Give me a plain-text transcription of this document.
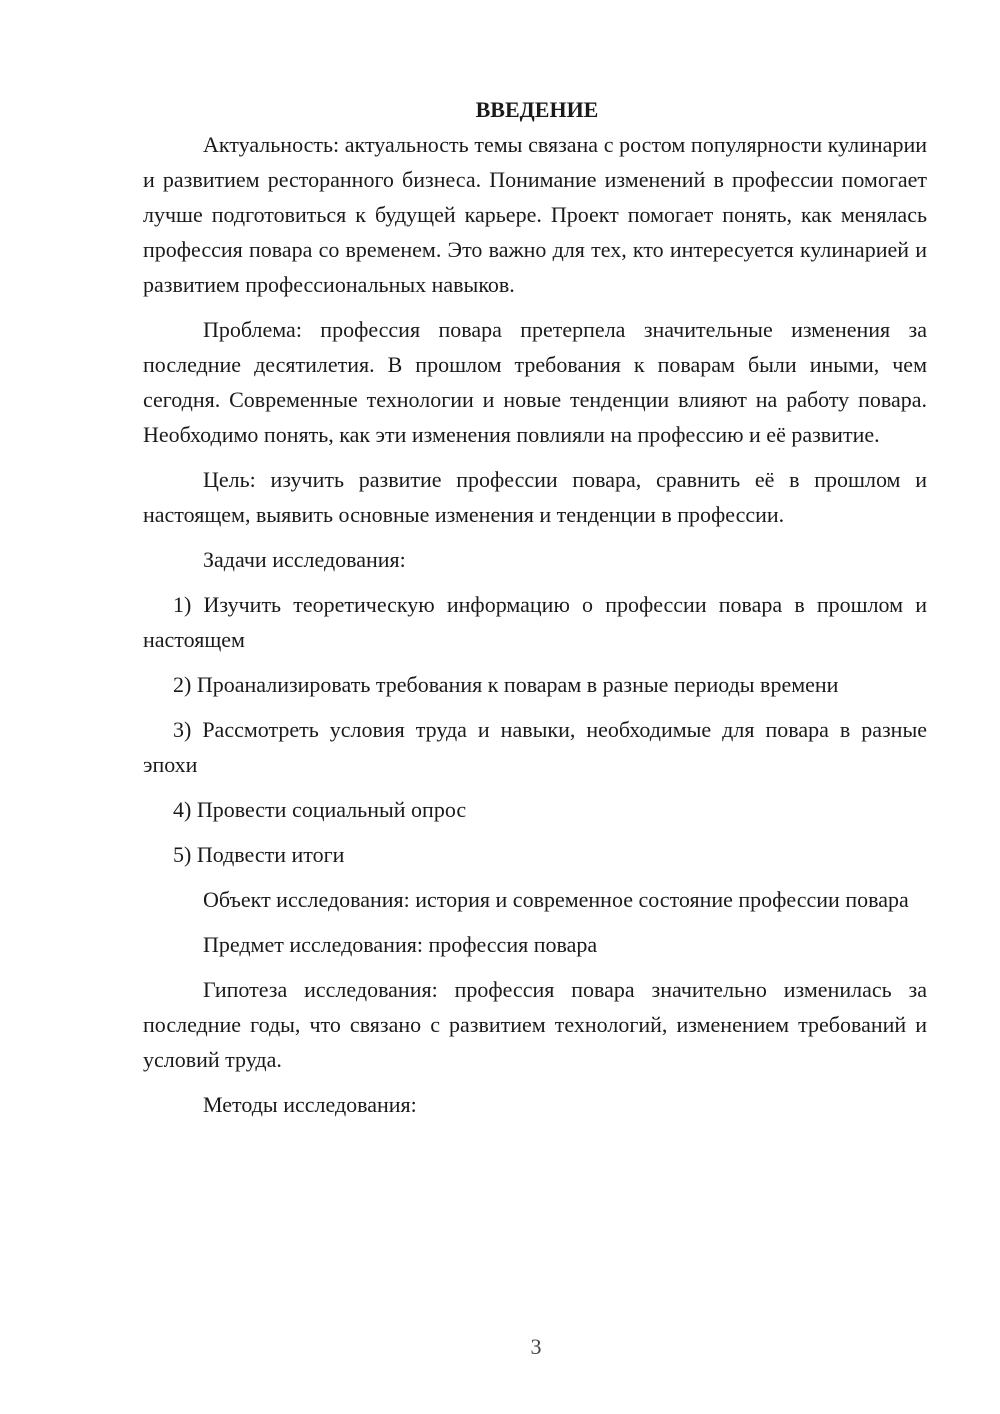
ВВЕДЕНИЕ

Актуальность: актуальность темы связана с ростом популярности кулинарии и развитием ресторанного бизнеса. Понимание изменений в профессии помогает лучше подготовиться к будущей карьере. Проект помогает понять, как менялась профессия повара со временем. Это важно для тех, кто интересуется кулинарией и развитием профессиональных навыков.

Проблема: профессия повара претерпела значительные изменения за последние десятилетия. В прошлом требования к поварам были иными, чем сегодня. Современные технологии и новые тенденции влияют на работу повара. Необходимо понять, как эти изменения повлияли на профессию и её развитие.

Цель: изучить развитие профессии повара, сравнить её в прошлом и настоящем, выявить основные изменения и тенденции в профессии.

Задачи исследования:

1) Изучить теоретическую информацию о профессии повара в прошлом и настоящем

2) Проанализировать требования к поварам в разные периоды времени

3) Рассмотреть условия труда и навыки, необходимые для повара в разные эпохи

4) Провести социальный опрос

5) Подвести итоги

Объект исследования: история и современное состояние профессии повара

Предмет исследования: профессия повара

Гипотеза исследования: профессия повара значительно изменилась за последние годы, что связано с развитием технологий, изменением требований и условий труда.

Методы исследования:

3
